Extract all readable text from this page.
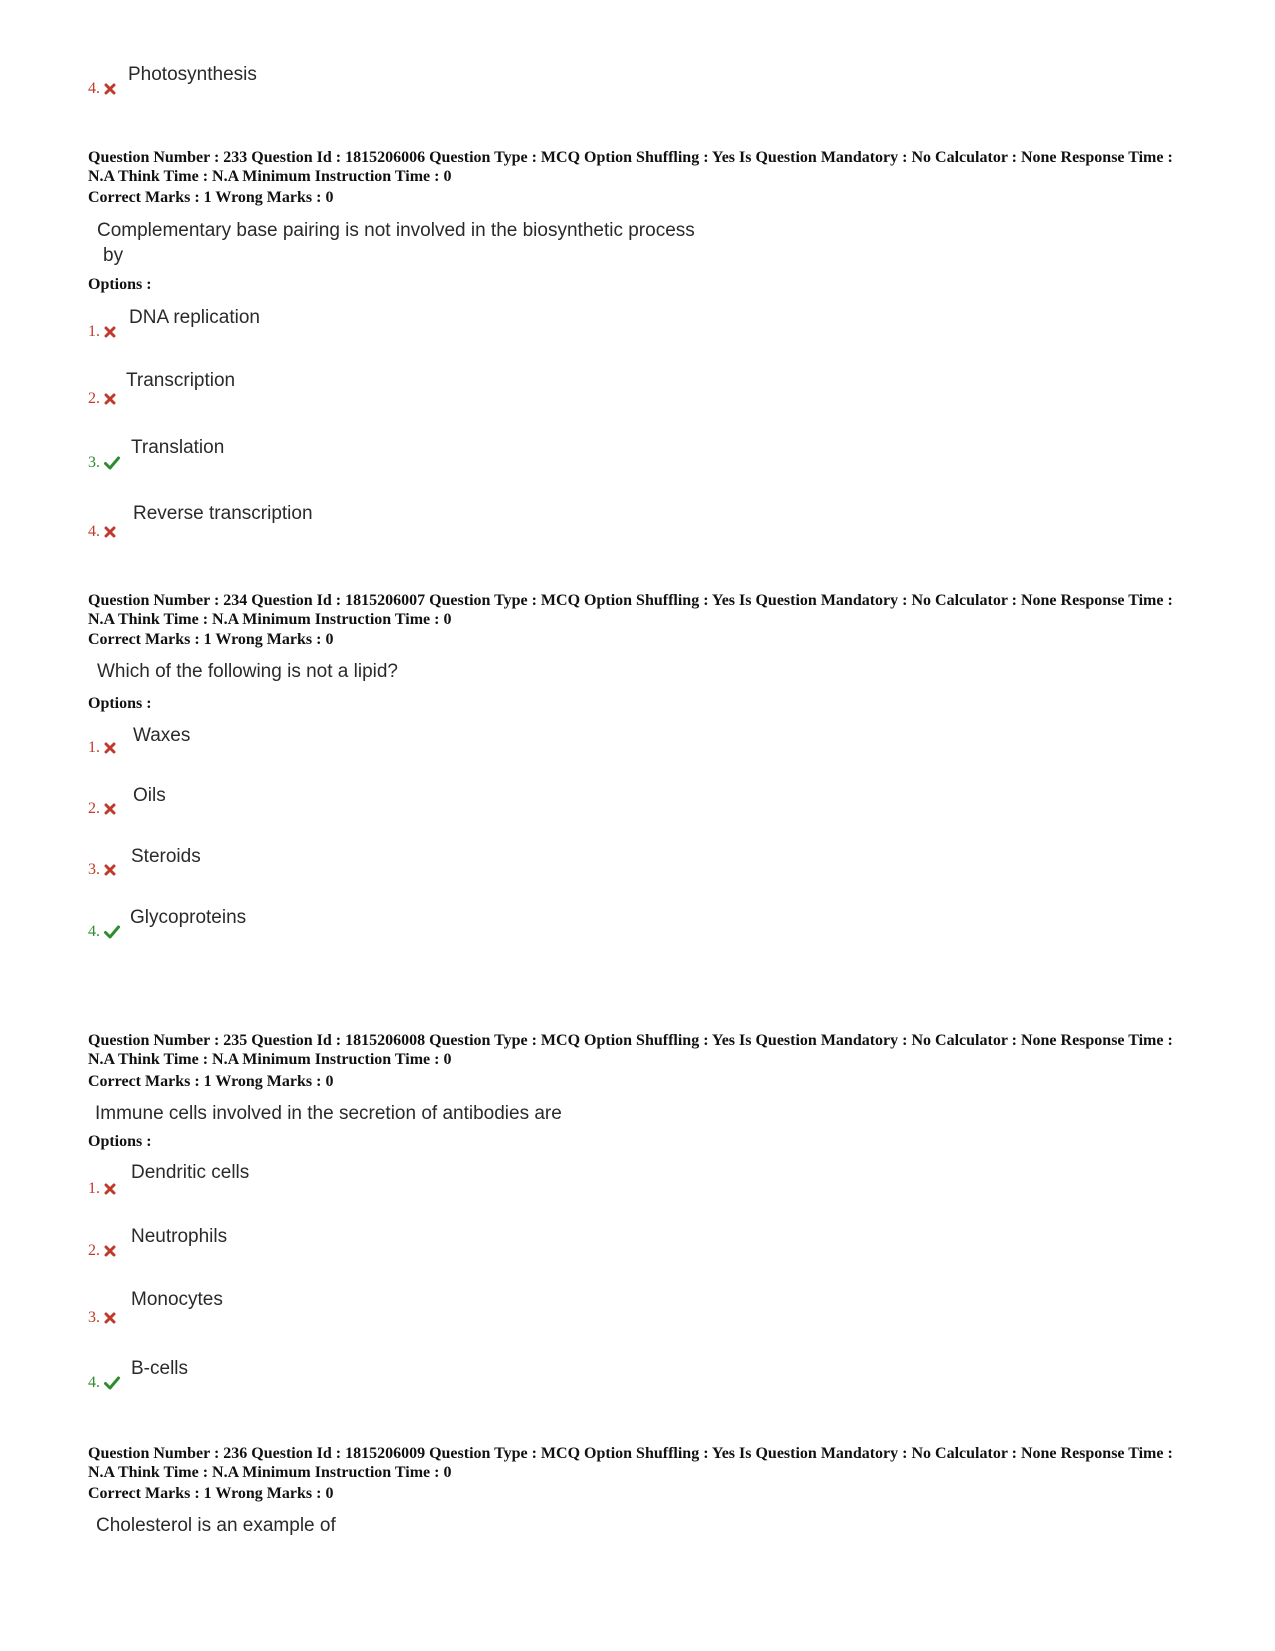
4.
Photosynthesis
Question Number : 233 Question Id : 1815206006 Question Type : MCQ Option Shuffling : Yes Is Question Mandatory : No Calculator : None Response Time : N.A Think Time : N.A Minimum Instruction Time : 0
Correct Marks : 1 Wrong Marks : 0
Complementary base pairing is not involved in the biosynthetic process
by
Options :
1.
DNA replication
2.
Transcription
3.
Translation
4.
Reverse transcription
Question Number : 234 Question Id : 1815206007 Question Type : MCQ Option Shuffling : Yes Is Question Mandatory : No Calculator : None Response Time : N.A Think Time : N.A Minimum Instruction Time : 0
Correct Marks : 1 Wrong Marks : 0
Which of the following is not a lipid?
Options :
1.
Waxes
2.
Oils
3.
Steroids
4.
Glycoproteins
Question Number : 235 Question Id : 1815206008 Question Type : MCQ Option Shuffling : Yes Is Question Mandatory : No Calculator : None Response Time : N.A Think Time : N.A Minimum Instruction Time : 0
Correct Marks : 1 Wrong Marks : 0
Immune cells involved in the secretion of antibodies are
Options :
1.
Dendritic cells
2.
Neutrophils
3.
Monocytes
4.
B-cells
Question Number : 236 Question Id : 1815206009 Question Type : MCQ Option Shuffling : Yes Is Question Mandatory : No Calculator : None Response Time : N.A Think Time : N.A Minimum Instruction Time : 0
Correct Marks : 1 Wrong Marks : 0
Cholesterol is an example of
